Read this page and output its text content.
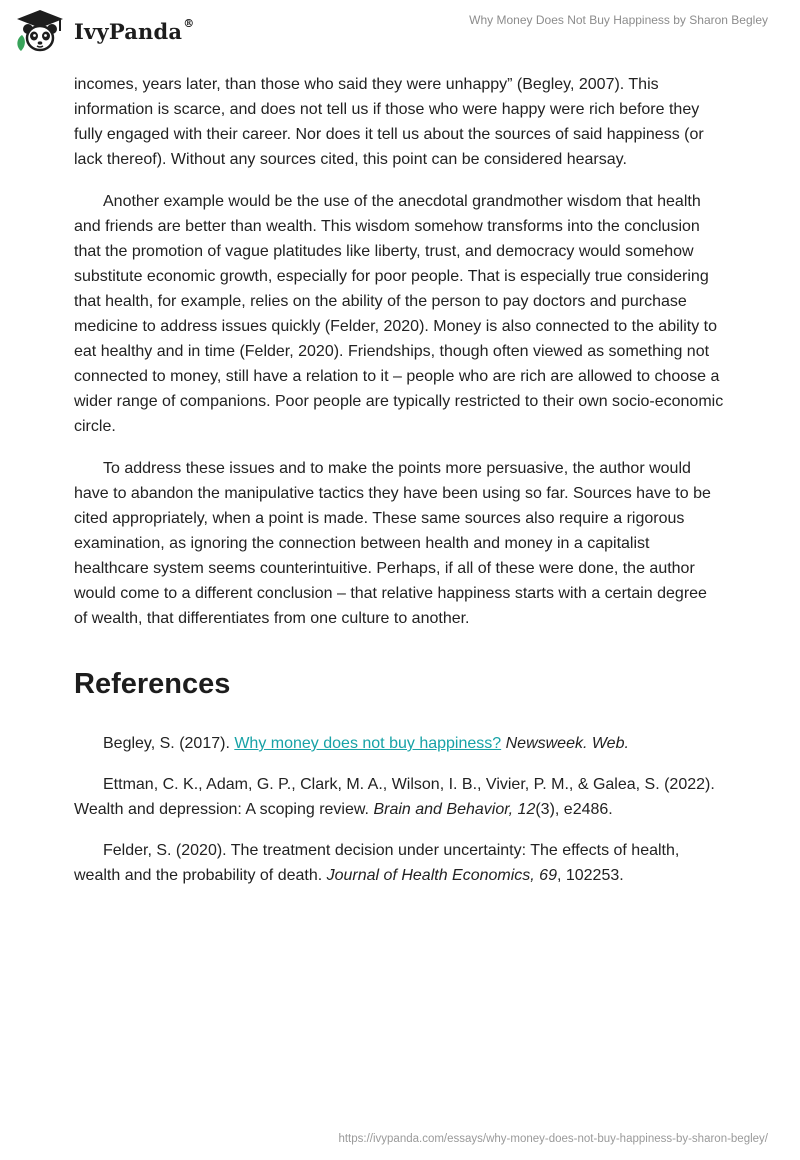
IvyPanda®	Why Money Does Not Buy Happiness by Sharon Begley

incomes, years later, than those who said they were unhappy” (Begley, 2007). This information is scarce, and does not tell us if those who were happy were rich before they fully engaged with their career. Nor does it tell us about the sources of said happiness (or lack thereof). Without any sources cited, this point can be considered hearsay.

Another example would be the use of the anecdotal grandmother wisdom that health and friends are better than wealth. This wisdom somehow transforms into the conclusion that the promotion of vague platitudes like liberty, trust, and democracy would somehow substitute economic growth, especially for poor people. That is especially true considering that health, for example, relies on the ability of the person to pay doctors and purchase medicine to address issues quickly (Felder, 2020). Money is also connected to the ability to eat healthy and in time (Felder, 2020). Friendships, though often viewed as something not connected to money, still have a relation to it – people who are rich are allowed to choose a wider range of companions. Poor people are typically restricted to their own socio-economic circle.

To address these issues and to make the points more persuasive, the author would have to abandon the manipulative tactics they have been using so far. Sources have to be cited appropriately, when a point is made. These same sources also require a rigorous examination, as ignoring the connection between health and money in a capitalist healthcare system seems counterintuitive. Perhaps, if all of these were done, the author would come to a different conclusion – that relative happiness starts with a certain degree of wealth, that differentiates from one culture to another.

References

Begley, S. (2017). Why money does not buy happiness? Newsweek. Web.

Ettman, C. K., Adam, G. P., Clark, M. A., Wilson, I. B., Vivier, P. M., & Galea, S. (2022). Wealth and depression: A scoping review. Brain and Behavior, 12(3), e2486.

Felder, S. (2020). The treatment decision under uncertainty: The effects of health, wealth and the probability of death. Journal of Health Economics, 69, 102253.

https://ivypanda.com/essays/why-money-does-not-buy-happiness-by-sharon-begley/
